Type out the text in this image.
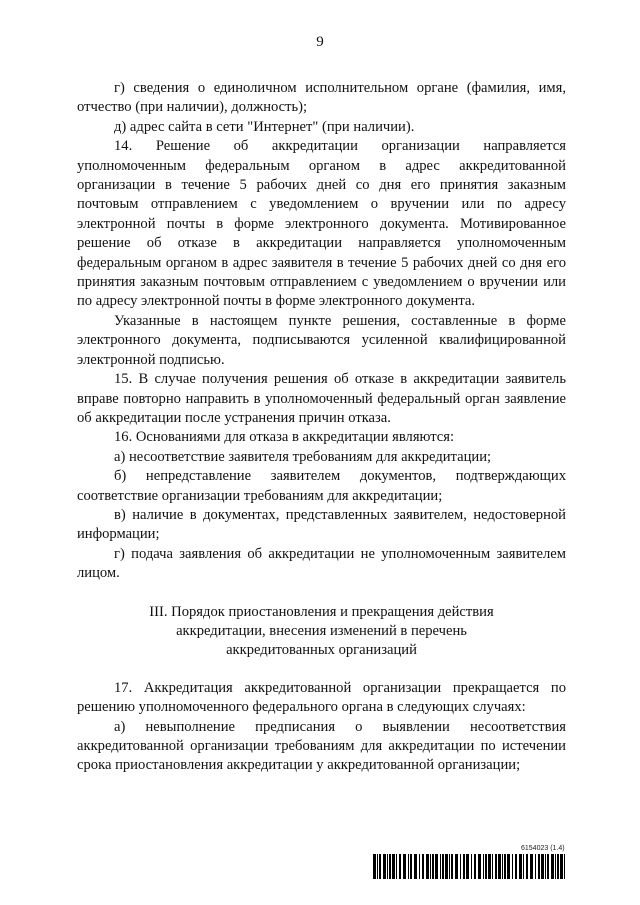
9

г) сведения о единоличном исполнительном органе (фамилия, имя, отчество (при наличии), должность);

д) адрес сайта в сети "Интернет" (при наличии).

14. Решение об аккредитации организации направляется уполномоченным федеральным органом в адрес аккредитованной организации в течение 5 рабочих дней со дня его принятия заказным почтовым отправлением с уведомлением о вручении или по адресу электронной почты в форме электронного документа. Мотивированное решение об отказе в аккредитации направляется уполномоченным федеральным органом в адрес заявителя в течение 5 рабочих дней со дня его принятия заказным почтовым отправлением с уведомлением о вручении или по адресу электронной почты в форме электронного документа.

Указанные в настоящем пункте решения, составленные в форме электронного документа, подписываются усиленной квалифицированной электронной подписью.

15. В случае получения решения об отказе в аккредитации заявитель вправе повторно направить в уполномоченный федеральный орган заявление об аккредитации после устранения причин отказа.

16. Основаниями для отказа в аккредитации являются:

а) несоответствие заявителя требованиям для аккредитации;

б) непредставление заявителем документов, подтверждающих соответствие организации требованиям для аккредитации;

в) наличие в документах, представленных заявителем, недостоверной информации;

г) подача заявления об аккредитации не уполномоченным заявителем лицом.

III. Порядок приостановления и прекращения действия
аккредитации, внесения изменений в перечень
аккредитованных организаций

17. Аккредитация аккредитованной организации прекращается по решению уполномоченного федерального органа в следующих случаях:

а) невыполнение предписания о выявлении несоответствия аккредитованной организации требованиям для аккредитации по истечении срока приостановления аккредитации у аккредитованной организации;

6154023 (1.4)
